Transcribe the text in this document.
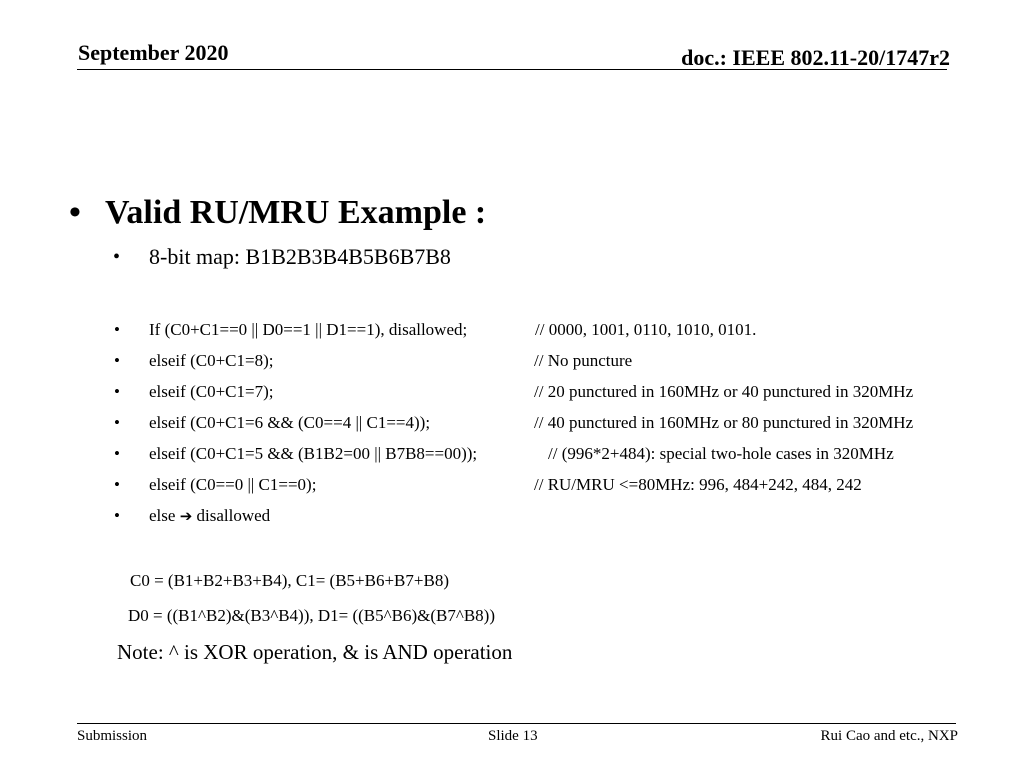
September 2020	doc.: IEEE 802.11-20/1747r2
• Valid RU/MRU Example :
• 8-bit map: B1B2B3B4B5B6B7B8
• If (C0+C1==0 || D0==1 || D1==1), disallowed;	// 0000, 1001, 0110, 1010, 0101.
• elseif (C0+C1=8);	// No puncture
• elseif (C0+C1=7);	// 20 punctured in 160MHz or 40 punctured in 320MHz
• elseif (C0+C1=6 && (C0==4 || C1==4));	// 40 punctured in 160MHz or 80 punctured in 320MHz
• elseif (C0+C1=5 && (B1B2=00 || B7B8==00));	// (996*2+484): special two-hole cases in 320MHz
• elseif (C0==0 || C1==0);	// RU/MRU <=80MHz: 996, 484+242, 484, 242
• else ➔ disallowed
C0 = (B1+B2+B3+B4), C1= (B5+B6+B7+B8)
D0 = ((B1^B2)&(B3^B4)), D1= ((B5^B6)&(B7^B8))
Note: ^ is XOR operation, & is AND operation
Submission	Slide 13	Rui Cao and etc., NXP
